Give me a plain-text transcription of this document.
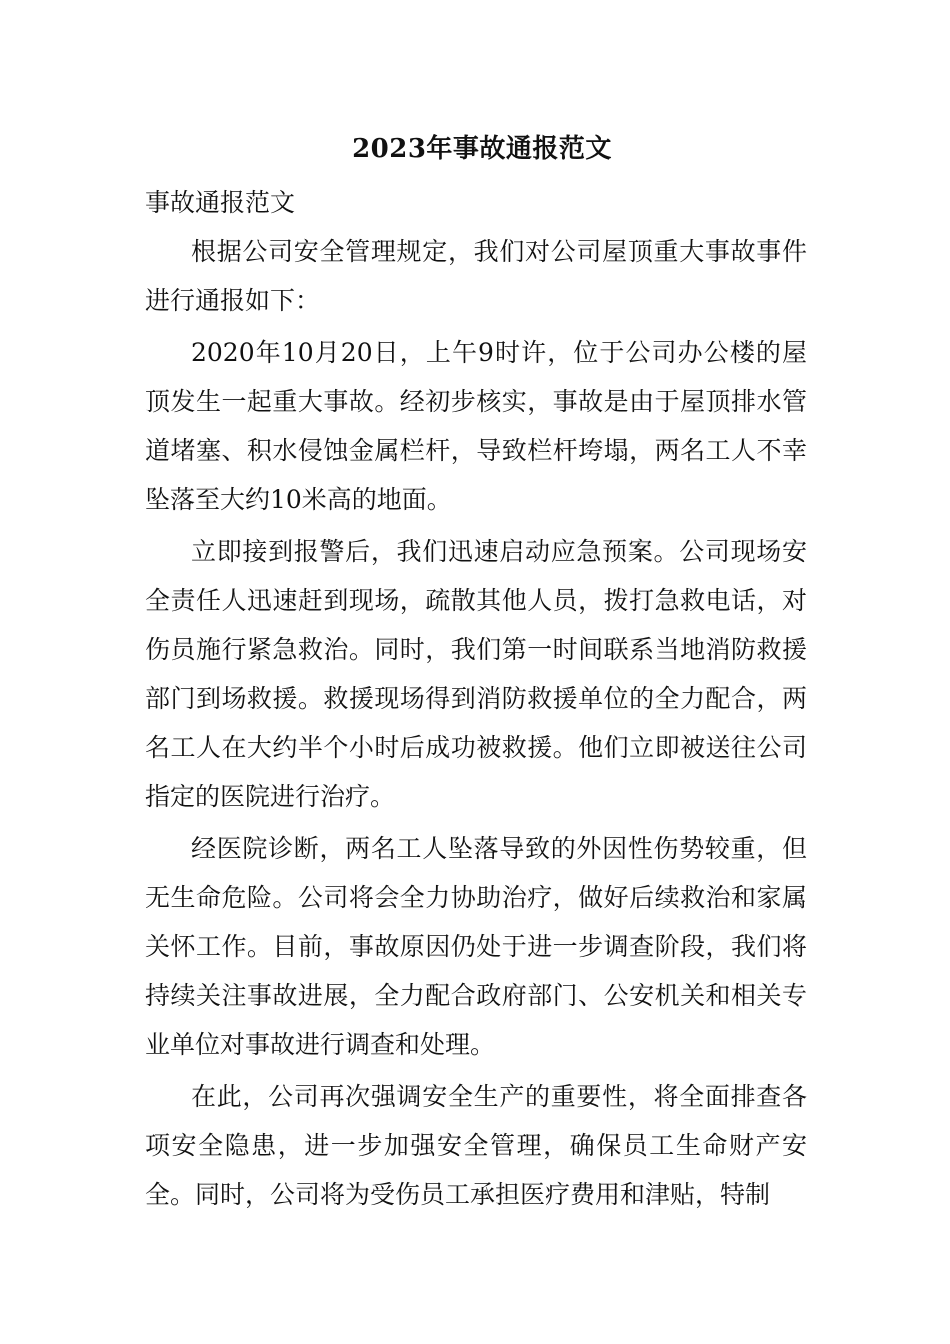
2023年事故通报范文

事故通报范文

根据公司安全管理规定，我们对公司屋顶重大事故事件进行通报如下：

2020年10月20日，上午9时许，位于公司办公楼的屋顶发生一起重大事故。经初步核实，事故是由于屋顶排水管道堵塞、积水侵蚀金属栏杆，导致栏杆垮塌，两名工人不幸坠落至大约10米高的地面。

立即接到报警后，我们迅速启动应急预案。公司现场安全责任人迅速赶到现场，疏散其他人员，拨打急救电话，对伤员施行紧急救治。同时，我们第一时间联系当地消防救援部门到场救援。救援现场得到消防救援单位的全力配合，两名工人在大约半个小时后成功被救援。他们立即被送往公司指定的医院进行治疗。

经医院诊断，两名工人坠落导致的外因性伤势较重，但无生命危险。公司将会全力协助治疗，做好后续救治和家属关怀工作。目前，事故原因仍处于进一步调查阶段，我们将持续关注事故进展，全力配合政府部门、公安机关和相关专业单位对事故进行调查和处理。

在此，公司再次强调安全生产的重要性，将全面排查各项安全隐患，进一步加强安全管理，确保员工生命财产安全。同时，公司将为受伤员工承担医疗费用和津贴，特制
